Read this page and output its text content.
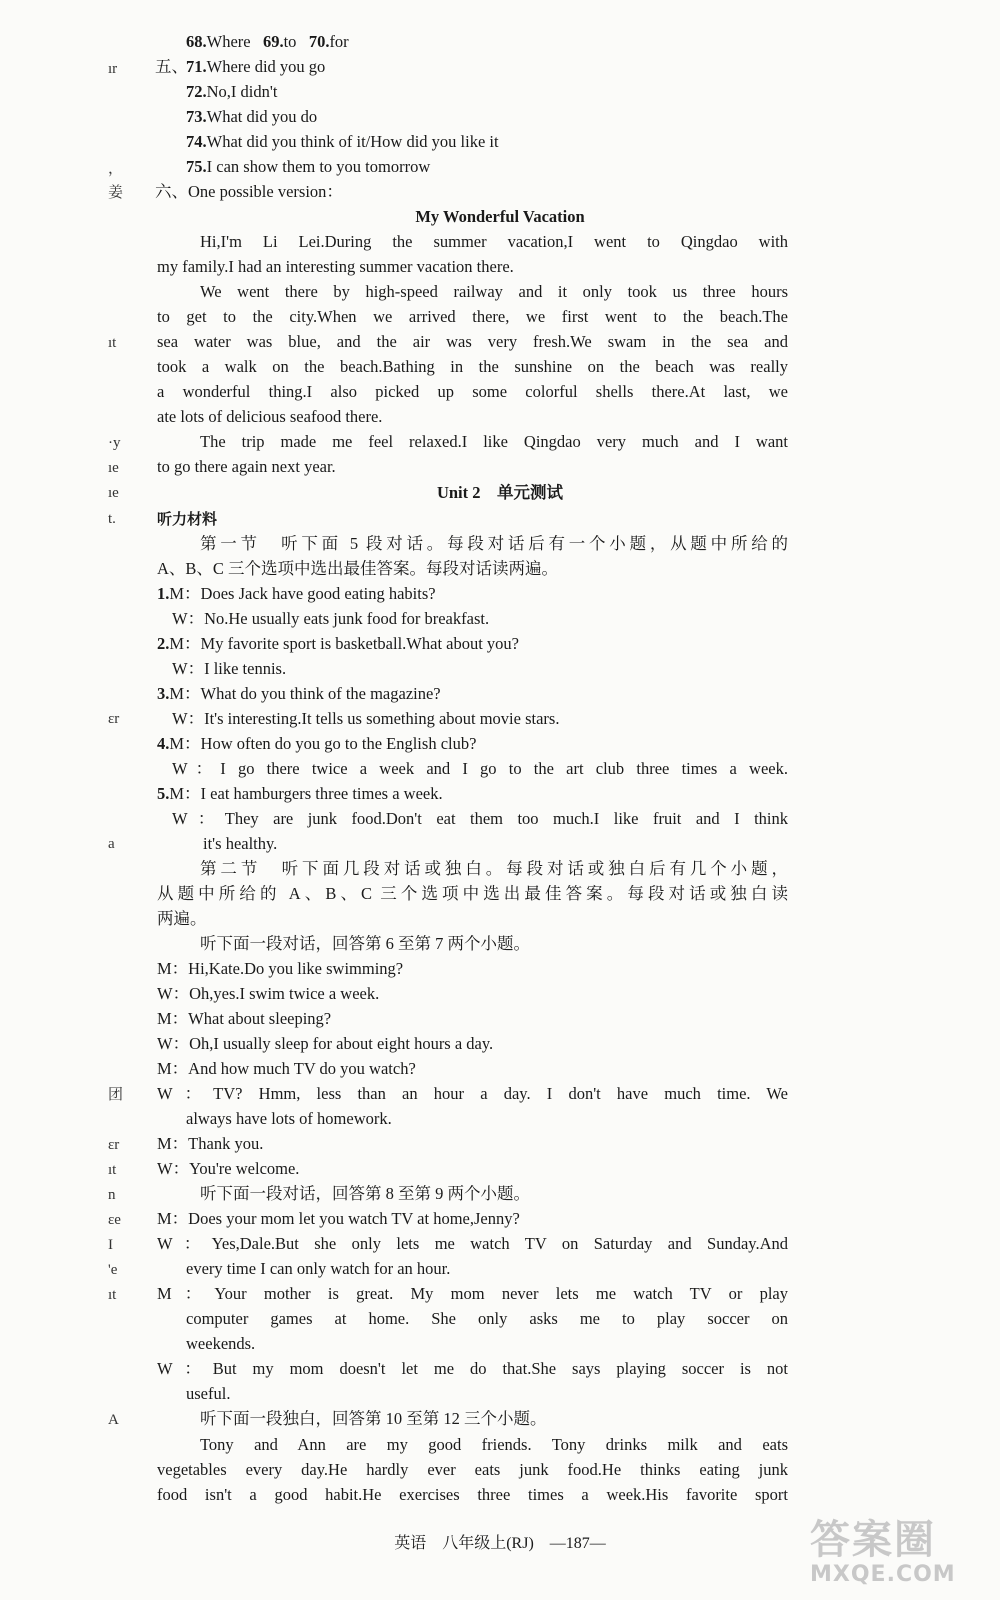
ır
，
姜
ıt
·y
ıe
ıe
t.
ɛr
a
团
ɛr
ıt
n
ɛe
I
'e
ıt
A
68.Where 69.to 70.for
五、
71.Where did you go
72.No,I didn't
73.What did you do
74.What did you think of it/How did you like it
75.I can show them to you tomorrow
六、One possible version：
My Wonderful Vacation
Hi,I'm Li Lei.During the summer vacation,I went to Qingdao with
my family.I had an interesting summer vacation there.
We went there by high-speed railway and it only took us three hours
to get to the city.When we arrived there, we first went to the beach.The
sea water was blue, and the air was very fresh.We swam in the sea and
took a walk on the beach.Bathing in the sunshine on the beach was really
a wonderful thing.I also picked up some colorful shells there.At last, we
ate lots of delicious seafood there.
The trip made me feel relaxed.I like Qingdao very much and I want
to go there again next year.
Unit 2　单元测试
听力材料
第一节　听下面 5 段对话。每段对话后有一个小题，从题中所给的
A、B、C 三个选项中选出最佳答案。每段对话读两遍。
1.M：Does Jack have good eating habits?
W：No.He usually eats junk food for breakfast.
2.M：My favorite sport is basketball.What about you?
W：I like tennis.
3.M：What do you think of the magazine?
W：It's interesting.It tells us something about movie stars.
4.M：How often do you go to the English club?
W：I go there twice a week and I go to the art club three times a week.
5.M：I eat hamburgers three times a week.
W：They are junk food.Don't eat them too much.I like fruit and I think
it's healthy.
第二节　听下面几段对话或独白。每段对话或独白后有几个小题，
从题中所给的 A、B、C 三个选项中选出最佳答案。每段对话或独白读
两遍。
听下面一段对话，回答第 6 至第 7 两个小题。
M：Hi,Kate.Do you like swimming?
W：Oh,yes.I swim twice a week.
M：What about sleeping?
W：Oh,I usually sleep for about eight hours a day.
M：And how much TV do you watch?
W：TV? Hmm, less than an hour a day. I don't have much time. We
always have lots of homework.
M：Thank you.
W：You're welcome.
听下面一段对话，回答第 8 至第 9 两个小题。
M：Does your mom let you watch TV at home,Jenny?
W：Yes,Dale.But she only lets me watch TV on Saturday and Sunday.And
every time I can only watch for an hour.
M：Your mother is great. My mom never lets me watch TV or play
computer games at home. She only asks me to play soccer on
weekends.
W：But my mom doesn't let me do that.She says playing soccer is not
useful.
听下面一段独白，回答第 10 至第 12 三个小题。
Tony and Ann are my good friends. Tony drinks milk and eats
vegetables every day.He hardly ever eats junk food.He thinks eating junk
food isn't a good habit.He exercises three times a week.His favorite sport
英语　八年级上(RJ)　—187—	答案圈
MXQE.COM
